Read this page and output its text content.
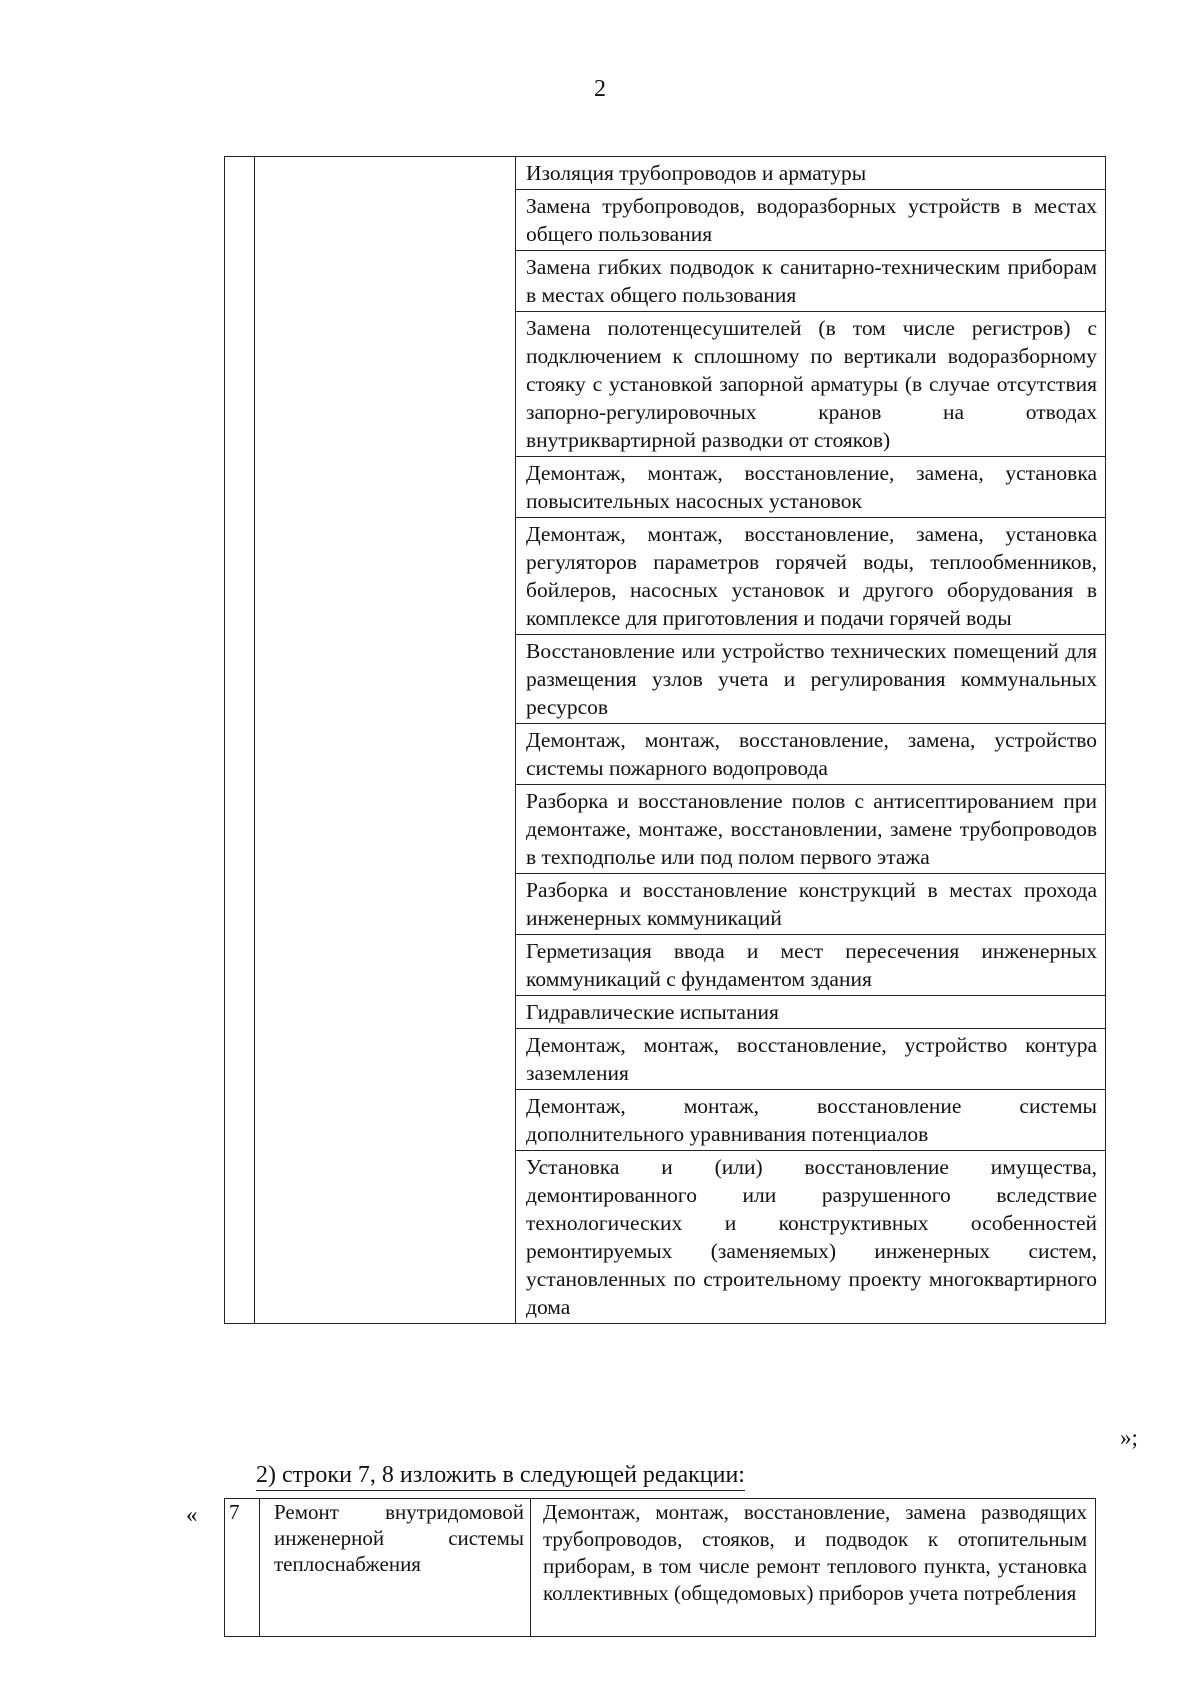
2
		Изоляция трубопроводов и арматуры
Замена трубопроводов, водоразборных устройств в местах общего пользования
Замена гибких подводок к санитарно-техническим приборам в местах общего пользования
Замена полотенцесушителей (в том числе регистров) с подключением к сплошному по вертикали водоразборному стояку с установкой запорной арматуры (в случае отсутствия запорно-регулировочных кранов на отводах внутриквартирной разводки от стояков)
Демонтаж, монтаж, восстановление, замена, установка повысительных насосных установок
Демонтаж, монтаж, восстановление, замена, установка регуляторов параметров горячей воды, теплообменников, бойлеров, насосных установок и другого оборудования в комплексе для приготовления и подачи горячей воды
Восстановление или устройство технических помещений для размещения узлов учета и регулирования коммунальных ресурсов
Демонтаж, монтаж, восстановление, замена, устройство системы пожарного водопровода
Разборка и восстановление полов с антисептированием при демонтаже, монтаже, восстановлении, замене трубопроводов в техподполье или под полом первого этажа
Разборка и восстановление конструкций в местах прохода инженерных коммуникаций
Герметизация ввода и мест пересечения инженерных коммуникаций с фундаментом здания
Гидравлические испытания
Демонтаж, монтаж, восстановление, устройство контура заземления
Демонтаж, монтаж, восстановление системы дополнительного уравнивания потенциалов
Установка и (или) восстановление имущества, демонтированного или разрушенного вследствие технологических и конструктивных особенностей ремонтируемых (заменяемых) инженерных систем, установленных по строительному проекту многоквартирного дома
»;
2) строки 7, 8 изложить в следующей редакции:
« 7	Ремонт внутридомовой инженерной системы теплоснабжения	Демонтаж, монтаж, восстановление, замена разводящих трубопроводов, стояков, и подводок к отопительным приборам, в том числе ремонт теплового пункта, установка коллективных (общедомовых) приборов учета потребления
